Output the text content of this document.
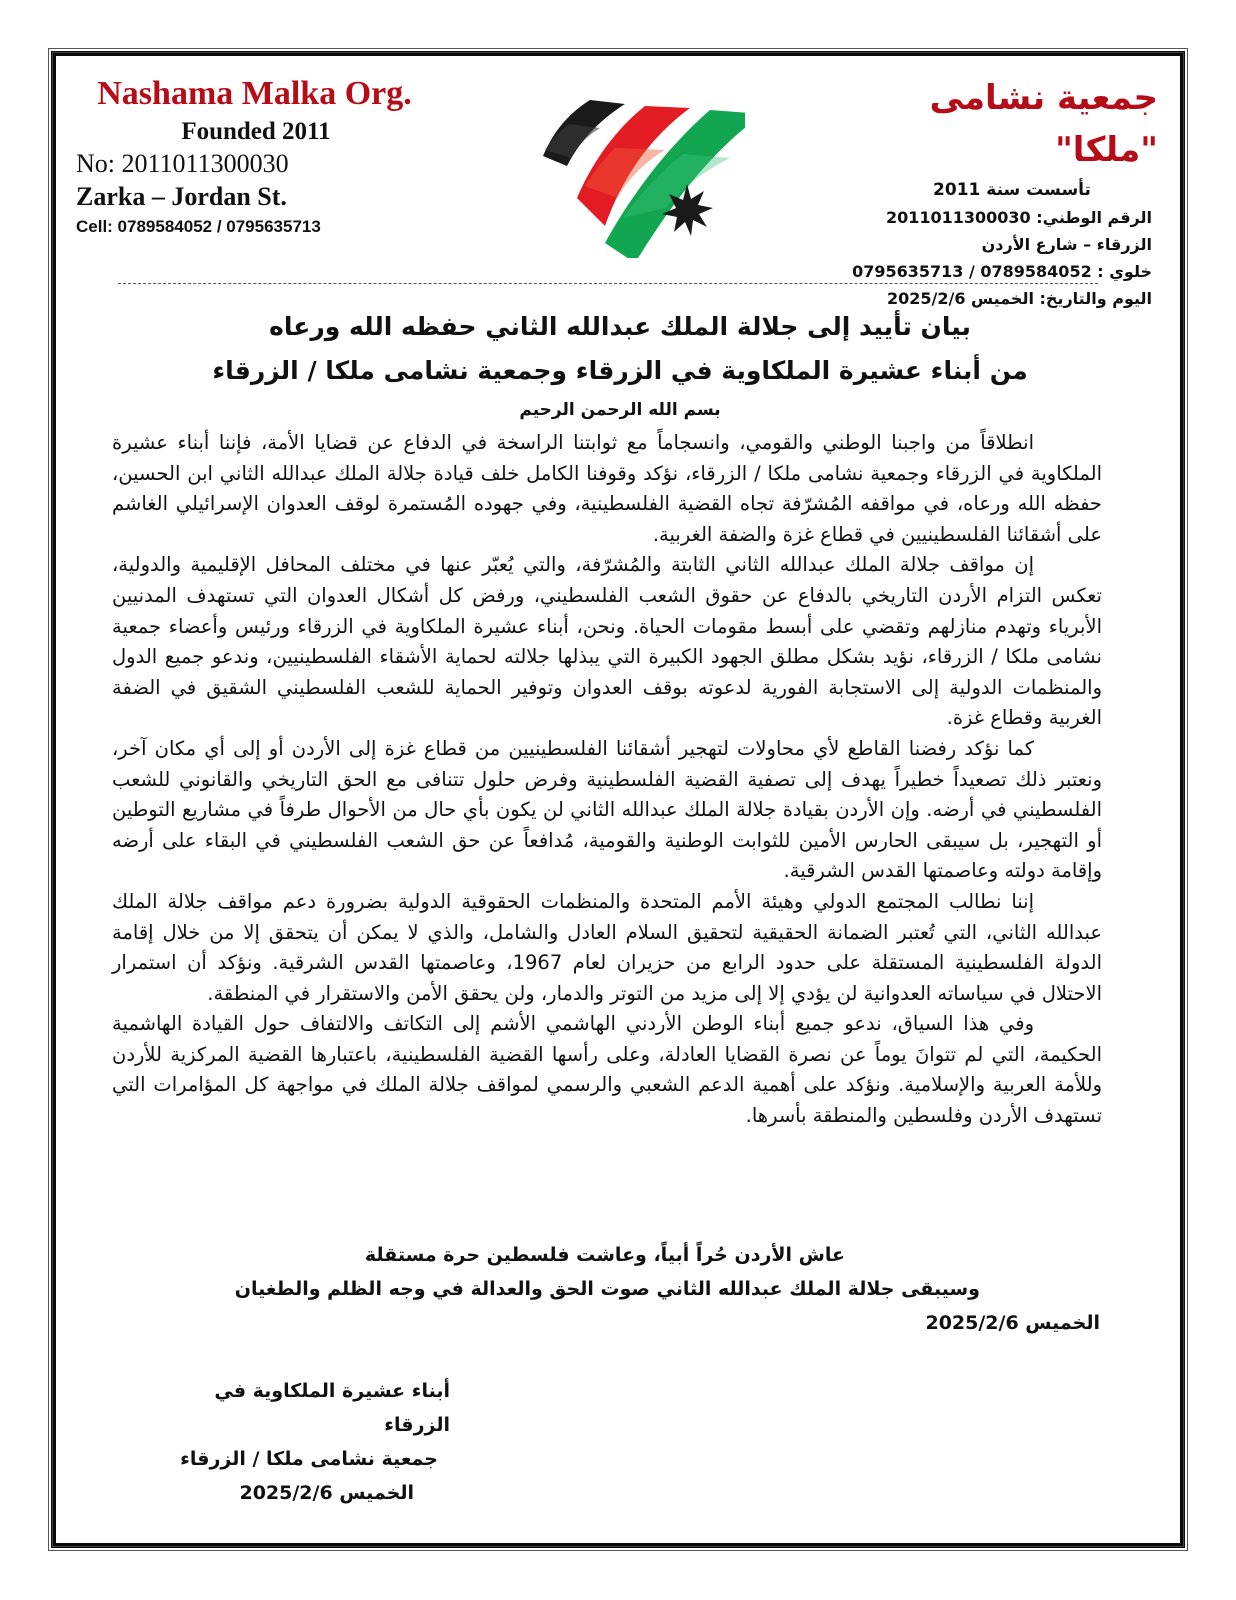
Nashama Malka Org.
Founded 2011
No: 201101130003​0
Zarka – Jordan St.
Cell: 0789584052 / 0795635713
جمعية نشامى "ملكا"
تأسست سنة 2011
الرقم الوطني: 2011011300030
الزرقاء – شارع الأردن
خلوي : 0789584052 / 0795635713
اليوم والتاريخ: الخميس 2025/2/6
بيان تأييد إلى جلالة الملك عبدالله الثاني حفظه الله ورعاه
من أبناء عشيرة الملكاوية في الزرقاء وجمعية نشامى ملكا / الزرقاء
بسم الله الرحمن الرحيم

انطلاقاً من واجبنا الوطني والقومي، وانسجاماً مع ثوابتنا الراسخة في الدفاع عن قضايا الأمة، فإننا أبناء عشيرة الملكاوية في الزرقاء وجمعية نشامى ملكا / الزرقاء، نؤكد وقوفنا الكامل خلف قيادة جلالة الملك عبدالله الثاني ابن الحسين، حفظه الله ورعاه، في مواقفه المُشرّفة تجاه القضية الفلسطينية، وفي جهوده المُستمرة لوقف العدوان الإسرائيلي الغاشم على أشقائنا الفلسطينيين في قطاع غزة والضفة الغربية.

إن مواقف جلالة الملك عبدالله الثاني الثابتة والمُشرّفة، والتي يُعبّر عنها في مختلف المحافل الإقليمية والدولية، تعكس التزام الأردن التاريخي بالدفاع عن حقوق الشعب الفلسطيني، ورفض كل أشكال العدوان التي تستهدف المدنيين الأبرياء وتهدم منازلهم وتقضي على أبسط مقومات الحياة. ونحن، أبناء عشيرة الملكاوية في الزرقاء ورئيس وأعضاء جمعية نشامى ملكا / الزرقاء، نؤيد بشكل مطلق الجهود الكبيرة التي يبذلها جلالته لحماية الأشقاء الفلسطينيين، وندعو جميع الدول والمنظمات الدولية إلى الاستجابة الفورية لدعوته بوقف العدوان وتوفير الحماية للشعب الفلسطيني الشقيق في الضفة الغربية وقطاع غزة.

كما نؤكد رفضنا القاطع لأي محاولات لتهجير أشقائنا الفلسطينيين من قطاع غزة إلى الأردن أو إلى أي مكان آخر، ونعتبر ذلك تصعيداً خطيراً يهدف إلى تصفية القضية الفلسطينية وفرض حلول تتنافى مع الحق التاريخي والقانوني للشعب الفلسطيني في أرضه. وإن الأردن بقيادة جلالة الملك عبدالله الثاني لن يكون بأي حال من الأحوال طرفاً في مشاريع التوطين أو التهجير، بل سيبقى الحارس الأمين للثوابت الوطنية والقومية، مُدافعاً عن حق الشعب الفلسطيني في البقاء على أرضه وإقامة دولته وعاصمتها القدس الشرقية.

إننا نطالب المجتمع الدولي وهيئة الأمم المتحدة والمنظمات الحقوقية الدولية بضرورة دعم مواقف جلالة الملك عبدالله الثاني، التي تُعتبر الضمانة الحقيقية لتحقيق السلام العادل والشامل، والذي لا يمكن أن يتحقق إلا من خلال إقامة الدولة الفلسطينية المستقلة على حدود الرابع من حزيران لعام 1967، وعاصمتها القدس الشرقية. ونؤكد أن استمرار الاحتلال في سياساته العدوانية لن يؤدي إلا إلى مزيد من التوتر والدمار، ولن يحقق الأمن والاستقرار في المنطقة.

وفي هذا السياق، ندعو جميع أبناء الوطن الأردني الهاشمي الأشم إلى التكاتف والالتفاف حول القيادة الهاشمية الحكيمة، التي لم تتوانَ يوماً عن نصرة القضايا العادلة، وعلى رأسها القضية الفلسطينية، باعتبارها القضية المركزية للأردن وللأمة العربية والإسلامية. ونؤكد على أهمية الدعم الشعبي والرسمي لمواقف جلالة الملك في مواجهة كل المؤامرات التي تستهدف الأردن وفلسطين والمنطقة بأسرها.

عاش الأردن حُراً أبياً، وعاشت فلسطين حرة مستقلة
وسيبقى جلالة الملك عبدالله الثاني صوت الحق والعدالة في وجه الظلم والطغيان
الخميس 2025/2/6
أبناء عشيرة الملكاوية في الزرقاء
جمعية نشامى ملكا / الزرقاء
الخميس 2025/2/6
